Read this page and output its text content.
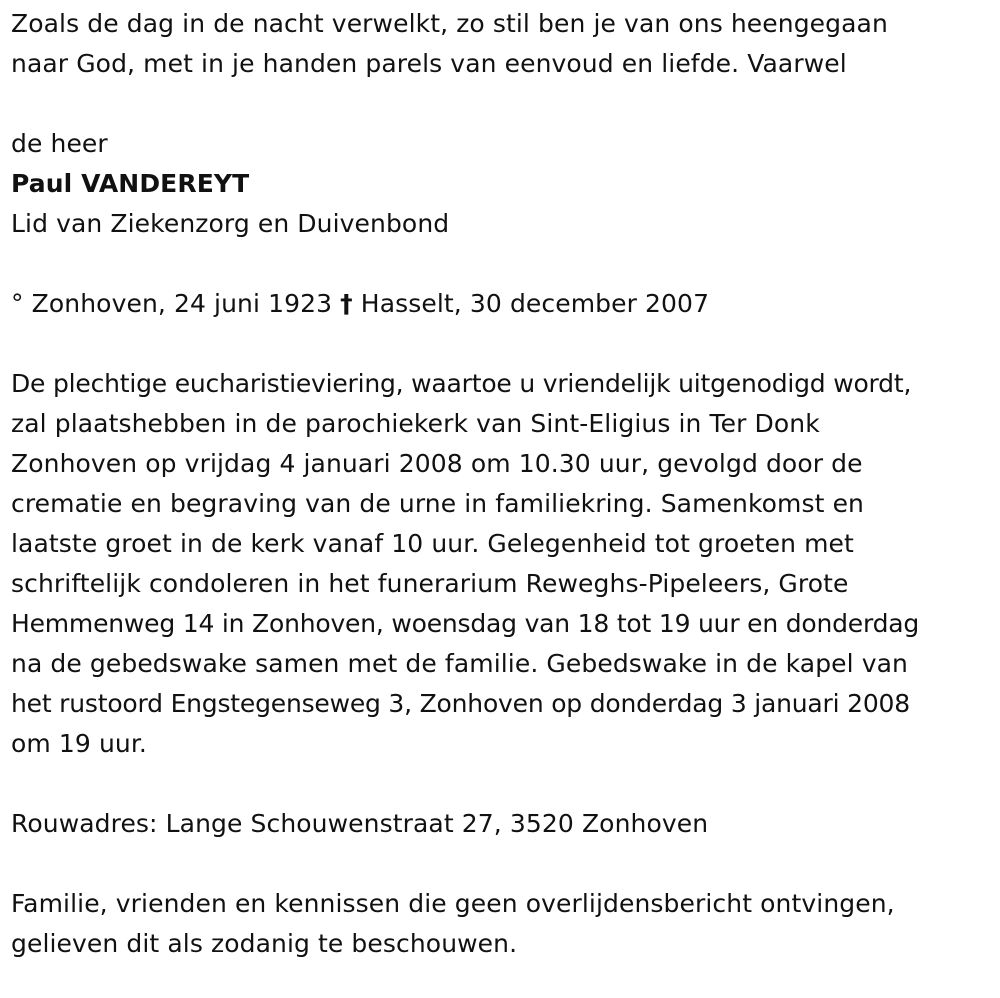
Zoals de dag in de nacht verwelkt, zo stil ben je van ons heengegaan
naar God, met in je handen parels van eenvoud en liefde. Vaarwel
de heer
Paul VANDEREYT
Lid van Ziekenzorg en Duivenbond
° Zonhoven, 24 juni 1923 † Hasselt, 30 december 2007
De plechtige eucharistieviering, waartoe u vriendelijk uitgenodigd wordt,
zal plaatshebben in de parochiekerk van Sint-Eligius in Ter Donk
Zonhoven op vrijdag 4 januari 2008 om 10.30 uur, gevolgd door de
crematie en begraving van de urne in familiekring. Samenkomst en
laatste groet in de kerk vanaf 10 uur. Gelegenheid tot groeten met
schriftelijk condoleren in het funerarium Reweghs-Pipeleers, Grote
Hemmenweg 14 in Zonhoven, woensdag van 18 tot 19 uur en donderdag
na de gebedswake samen met de familie. Gebedswake in de kapel van
het rustoord Engstegenseweg 3, Zonhoven op donderdag 3 januari 2008
om 19 uur.
Rouwadres: Lange Schouwenstraat 27, 3520 Zonhoven
Familie, vrienden en kennissen die geen overlijdensbericht ontvingen,
gelieven dit als zodanig te beschouwen.
